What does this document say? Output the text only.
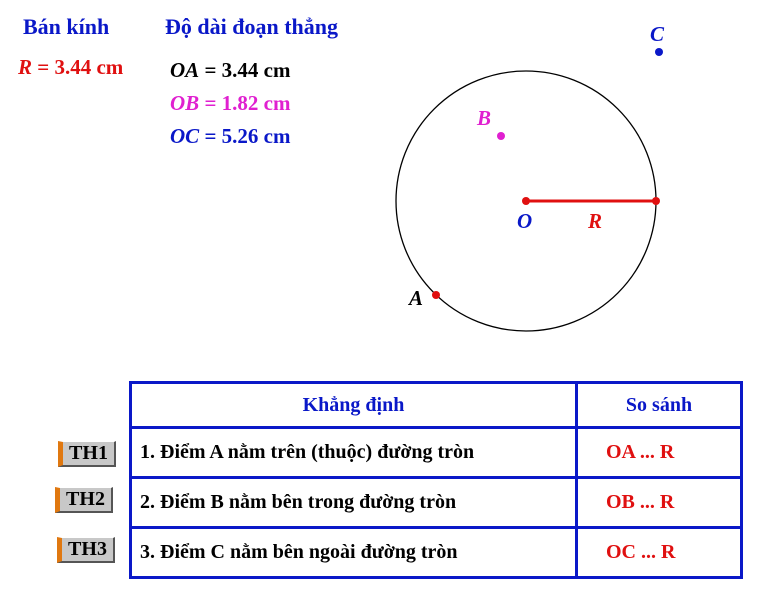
Bán kính	Độ dài đoạn thẳng
R = 3.44 cm OA = 3.44 cm
OB = 1.82 cm
OC = 5.26 cm
O	R
A
B
C
TH1
TH2
TH3
Khẳng định	So sánh
1. Điểm A nằm trên (thuộc) đường tròn	OA ... R
2. Điểm B nằm bên trong đường tròn	OB ... R
3. Điểm C nằm bên ngoài đường tròn	OC ... R
